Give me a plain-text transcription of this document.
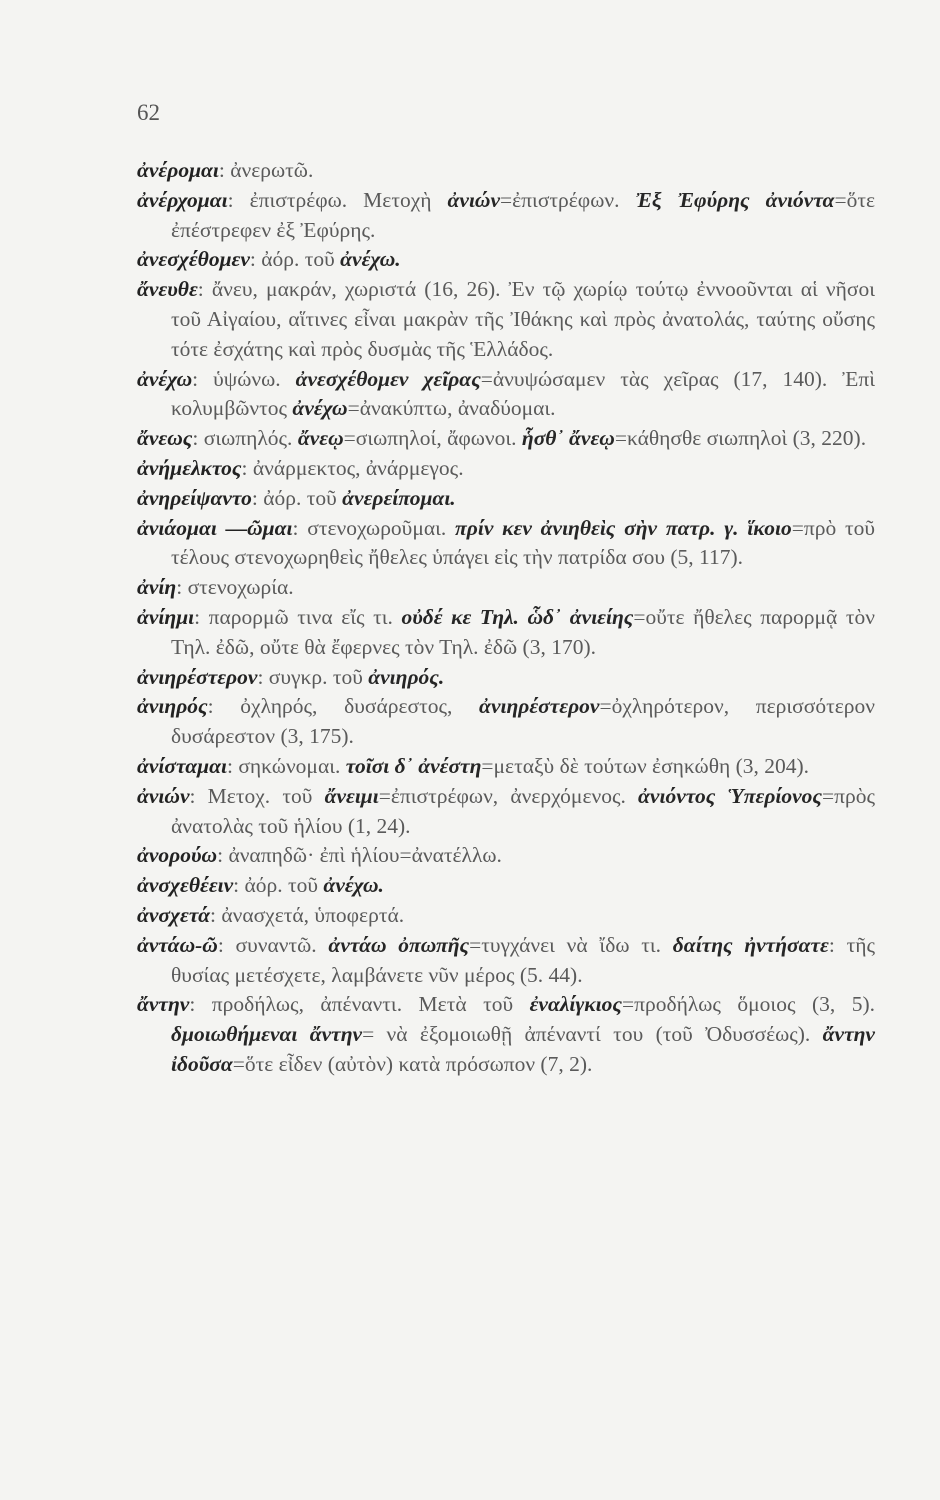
62

ἀνέρομαι: ἀνερωτῶ.

ἀνέρχομαι: ἐπιστρέφω. Μετοχὴ ἀνιών=ἐπιστρέφων. Ἐξ Ἐφύρης ἀνιόντα=ὅτε ἐπέστρεφεν ἐξ Ἐφύρης.

ἀνεσχέθομεν: ἀόρ. τοῦ ἀνέχω.

ἄνευθε: ἄνευ, μακράν, χωριστά (16, 26). Ἐν τῷ χωρίῳ τούτῳ ἐννοοῦνται αἱ νῆσοι τοῦ Αἰγαίου, αἵτινες εἶναι μακρὰν τῆς Ἰθάκης καὶ πρὸς ἀνατολάς, ταύτης οὔσης τότε ἐσχάτης καὶ πρὸς δυσμὰς τῆς Ἑλλάδος.

ἀνέχω: ὑψώνω. ἀνεσχέθομεν χεῖρας=ἀνυψώσαμεν τὰς χεῖρας (17, 140). Ἐπὶ κολυμβῶντος ἀνέχω=ἀνακύπτω, ἀναδύομαι.

ἄνεως: σιωπηλός. ἄνεῳ=σιωπηλοί, ἄφωνοι. ἧσθ᾽ ἄνεῳ=κάθησθε σιωπηλοὶ (3, 220).

ἀνήμελκτος: ἀνάρμεκτος, ἀνάρμεγος.

ἀνηρείψαντο: ἀόρ. τοῦ ἀνερείπομαι.

ἀνιάομαι —ῶμαι: στενοχωροῦμαι. πρίν κεν ἀνιηθεὶς σὴν πατρ. γ. ἵκοιο=πρὸ τοῦ τέλους στενοχωρηθεὶς ἤθελες ὑπάγει εἰς τὴν πατρίδα σου (5, 117).

ἀνίη: στενοχωρία.

ἀνίημι: παρορμῶ τινα εἴς τι. οὐδέ κε Τηλ. ὧδ᾽ ἀνιείης=οὔτε ἤθελες παρορμᾷ τὸν Τηλ. ἐδῶ, οὔτε θὰ ἔφερνες τὸν Τηλ. ἐδῶ (3, 170).

ἀνιηρέστερον: συγκρ. τοῦ ἀνιηρός.

ἀνιηρός: ὀχληρός, δυσάρεστος, ἀνιηρέστερον=ὀχληρότερον, περισσότερον δυσάρεστον (3, 175).

ἀνίσταμαι: σηκώνομαι. τοῖσι δ᾽ ἀνέστη=μεταξὺ δὲ τούτων ἐσηκώθη (3, 204).

ἀνιών: Μετοχ. τοῦ ἄνειμι=ἐπιστρέφων, ἀνερχόμενος. ἀνιόντος Ὑπερίονος=πρὸς ἀνατολὰς τοῦ ἡλίου (1, 24).

ἀνορούω: ἀναπηδῶ· ἐπὶ ἡλίου=ἀνατέλλω.

ἀνσχεθέειν: ἀόρ. τοῦ ἀνέχω.

ἀνσχετά: ἀνασχετά, ὑποφερτά.

ἀντάω-ῶ: συναντῶ. ἀντάω ὀπωπῆς=τυγχάνει νὰ ἴδω τι. δαίτης ἠντήσατε: τῆς θυσίας μετέσχετε, λαμβάνετε νῦν μέρος (5. 44).

ἄντην: προδήλως, ἀπέναντι. Μετὰ τοῦ ἐναλίγκιος=προδήλως ὅμοιος (3, 5). δμοιωθήμεναι ἄντην= νὰ ἐξομοιωθῇ ἀπέναντί του (τοῦ Ὀδυσσέως). ἄντην ἰδοῦσα=ὅτε εἶδεν (αὐτὸν) κατὰ πρόσωπον (7, 2).
